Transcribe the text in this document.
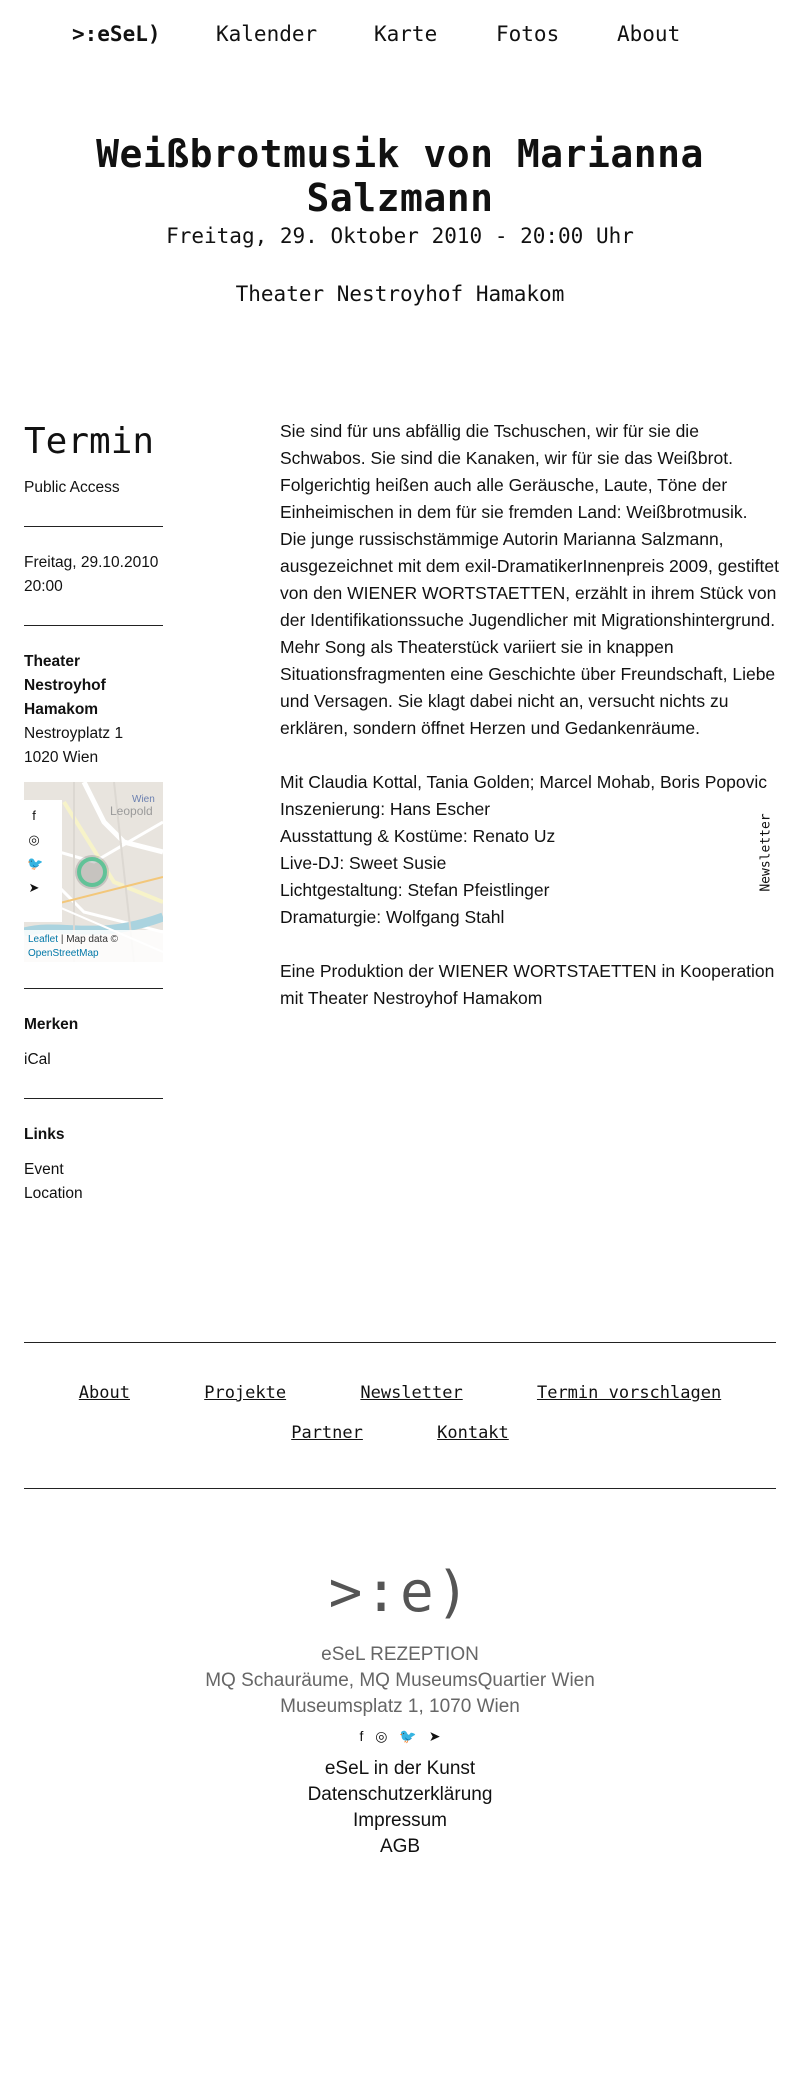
>:eSeL)	Kalender	Karte	Fotos	About
Weißbrotmusik von Marianna Salzmann
Freitag, 29. Oktober 2010 - 20:00 Uhr
Theater Nestroyhof Hamakom
Termin
Public Access
Freitag, 29.10.2010
20:00
Theater
Nestroyhof
Hamakom
Nestroyplatz 1
1020 Wien
Wien
Leopold
f
◎
🐦
➤
Leaflet | Map data ©
OpenStreetMap
Merken
iCal
Links
Event
Location

Sie sind für uns abfällig die Tschuschen, wir für sie die Schwabos. Sie sind die Kanaken, wir für sie das Weißbrot. Folgerichtig heißen auch alle Geräusche, Laute, Töne der Einheimischen in dem für sie fremden Land: Weißbrotmusik.

Die junge russischstämmige Autorin Marianna Salzmann, ausgezeichnet mit dem exil-DramatikerInnenpreis 2009, gestiftet von den WIENER WORTSTAETTEN, erzählt in ihrem Stück von der Identifikationssuche Jugendlicher mit Migrationshintergrund. Mehr Song als Theaterstück variiert sie in knappen Situationsfragmenten eine Geschichte über Freundschaft, Liebe und Versagen. Sie klagt dabei nicht an, versucht nichts zu erklären, sondern öffnet Herzen und Gedankenräume.

Mit Claudia Kottal, Tania Golden; Marcel Mohab, Boris Popovic

Inszenierung: Hans Escher

Ausstattung & Kostüme: Renato Uz

Live-DJ: Sweet Susie

Lichtgestaltung: Stefan Pfeistlinger

Dramaturgie: Wolfgang Stahl

Eine Produktion der WIENER WORTSTAETTEN in Kooperation mit Theater Nestroyhof Hamakom

Newsletter
About	Projekte	Newsletter	Termin vorschlagen
Partner	Kontakt
>:e)
eSeL REZEPTION
MQ Schauräume, MQ MuseumsQuartier Wien
Museumsplatz 1, 1070 Wien
f ◎ 🐦 ➤
eSeL in der Kunst
Datenschutzerklärung
Impressum
AGB
